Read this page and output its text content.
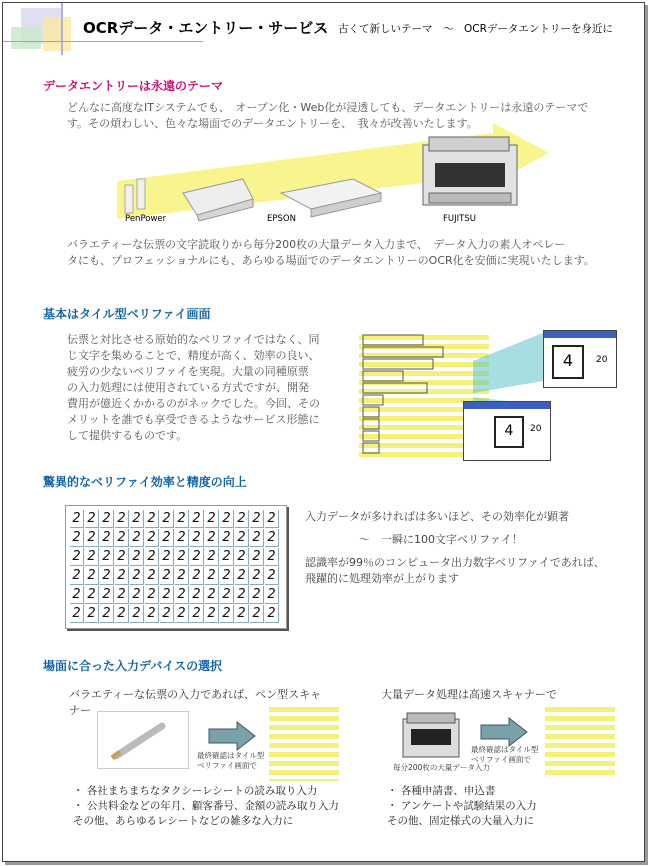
OCRデータ・エントリー・サービス
～　古くて新しいテーマ　～　OCRデータエントリーを身近に
データエントリーは永遠のテーマ
どんなに高度なITシステムでも、　オープン化・Web化が浸透しても、データエントリーは永遠のテーマで
す。その煩わしい、色々な場面でのデータエントリーを、　我々が改善いたします。
PenPower	EPSON	FUJITSU
バラエティーな伝票の文字読取りから毎分200枚の大量データ入力まで、　データ入力の素人オペレー
タにも、プロフェッショナルにも、あらゆる場面でのデータエントリーのOCR化を安価に実現いたします。
基本はタイル型ベリファイ画面
伝票と対比させる原始的なベリファイではなく、同
じ文字を集めることで、精度が高く、効率の良い、
疲労の少ないベリファイを実現。大量の同種原票
の入力処理には使用されている方式ですが、開発
費用が億近くかかるのがネックでした。今回、その
メリットを誰でも享受できるようなサービス形態に
して提供するものです。
4	20
4	20
驚異的なベリファイ効率と精度の向上
2 2 2 2 2 2 2 2 2 2 2 2 2 2
2 2 2 2 2 2 2 2 2 2 2 2 2 2
2 2 2 2 2 2 2 2 2 2 2 2 2 2
2 2 2 2 2 2 2 2 2 2 2 2 2 2
2 2 2 2 2 2 2 2 2 2 2 2 2 2
2 2 2 2 2 2 2 2 2 2 2 2 2 2
入力データが多ければは多いほど、その効率化が顕著
～　一瞬に100文字ベリファイ！
認識率が99％のコンピュータ出力数字ベリファイであれば、
飛躍的に処理効率が上がります
場面に合った入力デバイスの選択
バラエティーな伝票の入力であれば、ペン型スキャ
ナー
最終確認はタイル型
ベリファイ画面で
・ 各社まちまちなタクシーレシートの読み取り入力
・ 公共料金などの年月、顧客番号、金額の読み取り入力
その他、あらゆるレシートなどの雑多な入力に
大量データ処理は高速スキャナーで
毎分200枚の大量データ入力
最終確認はタイル型
ベリファイ画面で
・ 各種申請書、申込書
・ アンケートや試験結果の入力
その他、固定様式の大量入力に
